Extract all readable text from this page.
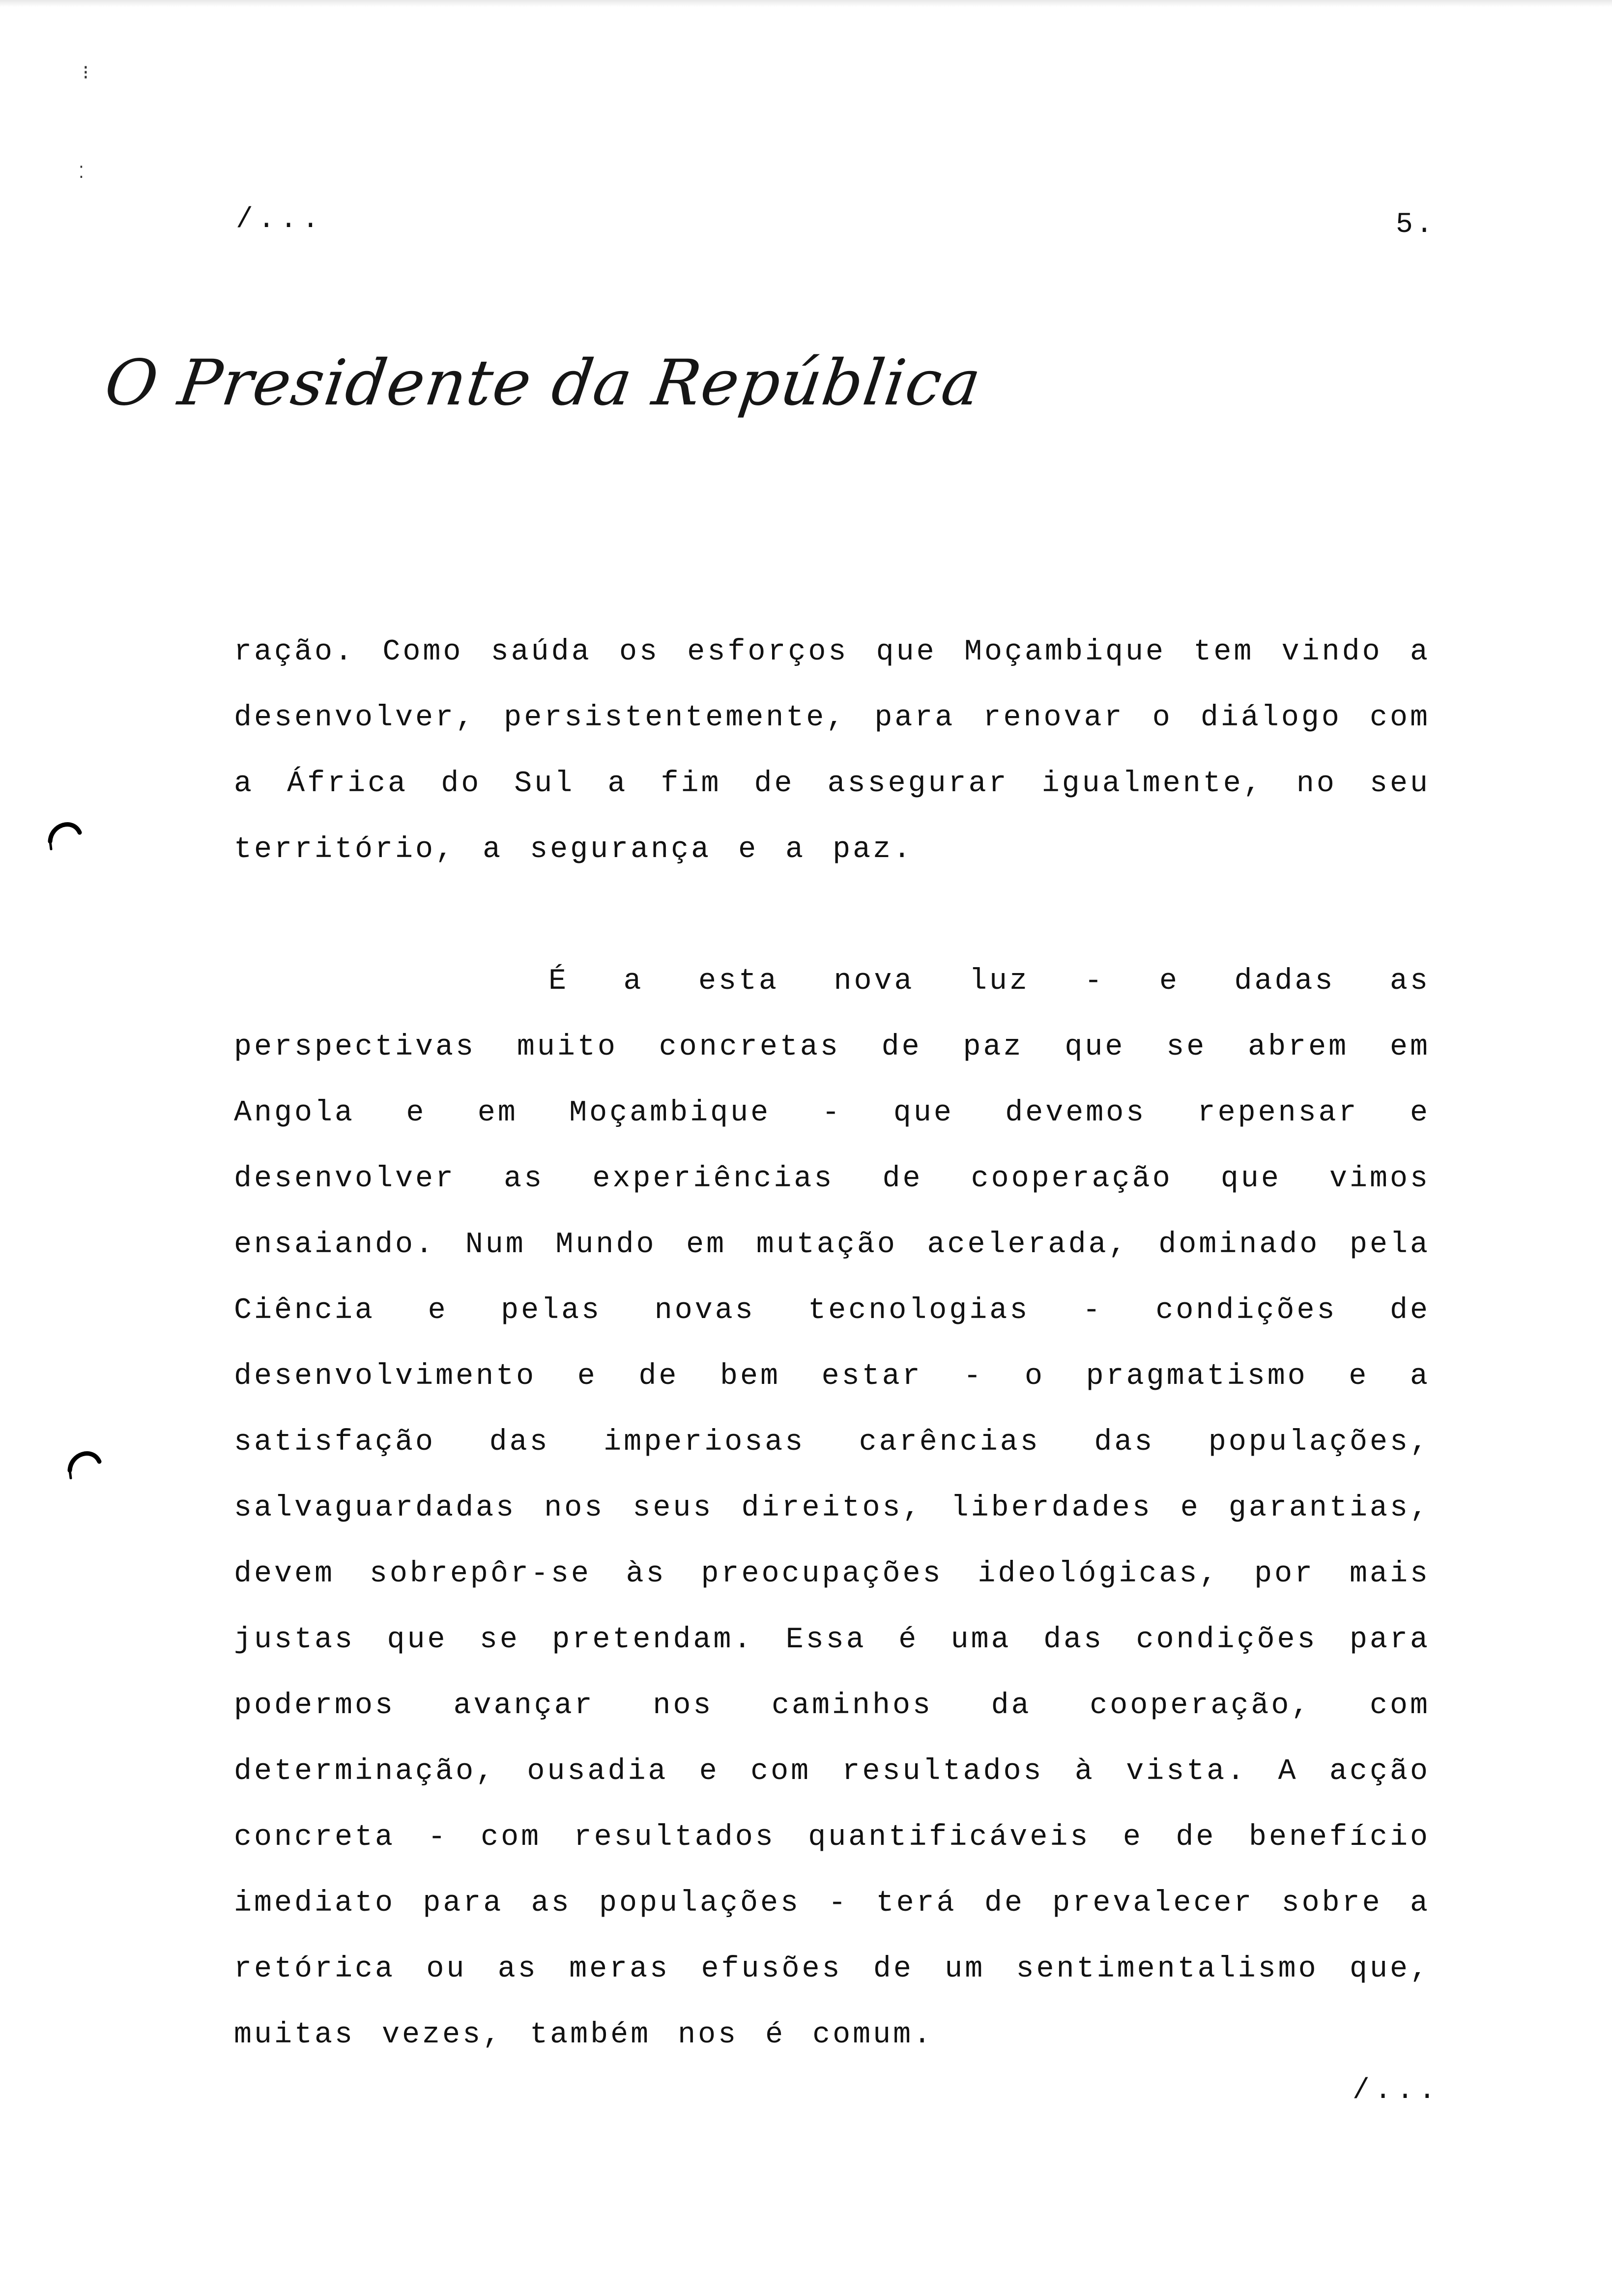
⁝
⁚
/...	5.
O Presidente da República

ração. Como saúda os esforços que Moçambique tem vindo a desenvolver, persistentemente, para renovar o diálogo com a África do Sul a fim de assegurar igualmente, no seu território, a segurança e a paz.

É a esta nova luz - e dadas as perspectivas muito concretas de paz que se abrem em Angola e em Moçambique - que devemos repensar e desenvolver as experiências de cooperação que vimos ensaiando. Num Mundo em mutação acelerada, dominado pela Ciência e pelas novas tecnologias - condições de desenvolvimento e de bem estar - o pragmatismo e a satisfação das imperiosas carências das populações, salvaguardadas nos seus direitos, liberdades e garantias, devem sobrepôr-se às preocupações ideológicas, por mais justas que se pretendam. Essa é uma das condições para podermos avançar nos caminhos da cooperação, com determinação, ousadia e com resultados à vista. A acção concreta - com resultados quantificáveis e de benefício imediato para as populações - terá de prevalecer sobre a retórica ou as meras efusões de um sentimentalismo que, muitas vezes, também nos é comum.

/...
